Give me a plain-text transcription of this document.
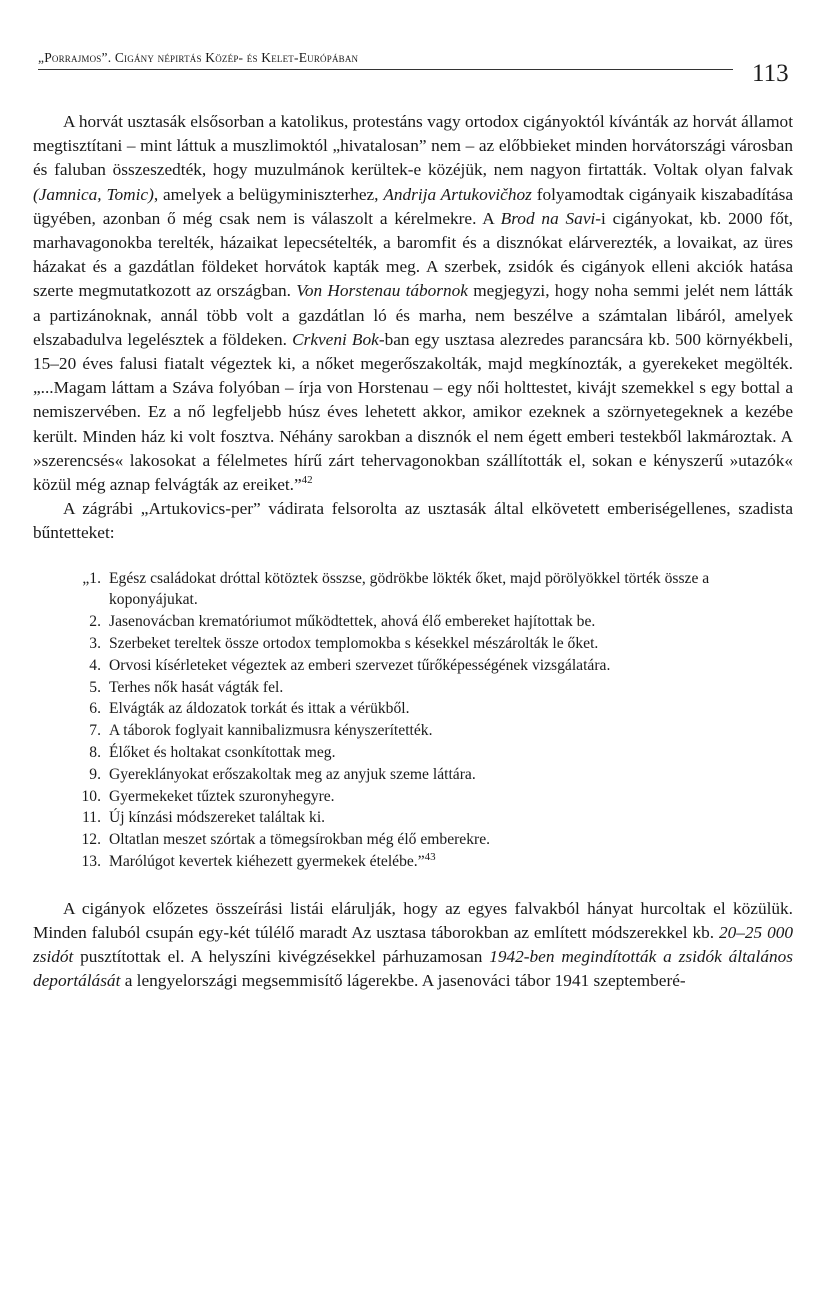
„Porrajmos”. Cigány népirtás Közép- és Kelet-Európában
113

A horvát usztasák elsősorban a katolikus, protestáns vagy ortodox cigányoktól kívánták az horvát államot megtisztítani – mint láttuk a muszlimoktól „hivatalosan” nem – az előbbieket minden horvátországi városban és faluban összeszedték, hogy muzulmánok kerültek-e közéjük, nem nagyon firtatták. Voltak olyan falvak (Jamnica, Tomic), amelyek a belügyminiszterhez, Andrija Artukovičhoz folyamodtak cigányaik kiszabadítása ügyében, azonban ő még csak nem is válaszolt a kérelmekre. A Brod na Savi-i cigányokat, kb. 2000 főt, marhavagonokba terelték, házaikat lepecsételték, a baromfit és a disznókat elárverezték, a lovaikat, az üres házakat és a gazdátlan földeket horvátok kapták meg. A szerbek, zsidók és cigányok elleni akciók hatása szerte megmutatkozott az országban. Von Horstenau tábornok megjegyzi, hogy noha semmi jelét nem látták a partizánoknak, annál több volt a gazdátlan ló és marha, nem beszélve a számtalan libáról, amelyek elszabadulva legelésztek a földeken. Crkveni Bok-ban egy usztasa alezredes parancsára kb. 500 környékbeli, 15–20 éves falusi fiatalt végeztek ki, a nőket megerőszakolták, majd megkínozták, a gyerekeket megölték. „...Magam láttam a Száva folyóban – írja von Horstenau – egy női holttestet, kivájt szemekkel s egy bottal a nemiszervében. Ez a nő legfeljebb húsz éves lehetett akkor, amikor ezeknek a szörnyetegeknek a kezébe került. Minden ház ki volt fosztva. Néhány sarokban a disznók el nem égett emberi testekből lakmároztak. A »szerencsés« lakosokat a félelmetes hírű zárt tehervagonokban szállították el, sokan e kényszerű »utazók« közül még aznap felvágták az ereiket.”$^{42}$

A zágrábi „Artukovics-per” vádirata felsorolta az usztasák által elkövetett emberiségellenes, szadista bűntetteket:

„1. Egész családokat dróttal kötöztek összse, gödrökbe lökték őket, majd pörölyökkel törték össze a koponyájukat.
2. Jasenovácban krematóriumot működtettek, ahová élő embereket hajítottak be.
3. Szerbeket tereltek össze ortodox templomokba s késekkel mészárolták le őket.
4. Orvosi kísérleteket végeztek az emberi szervezet tűrőképességének vizsgálatára.
5. Terhes nők hasát vágták fel.
6. Elvágták az áldozatok torkát és ittak a vérükből.
7. A táborok foglyait kannibalizmusra kényszerítették.
8. Élőket és holtakat csonkítottak meg.
9. Gyereklányokat erőszakoltak meg az anyjuk szeme láttára.
10. Gyermekeket tűztek szuronyhegyre.
11. Új kínzási módszereket találtak ki.
12. Oltatlan meszet szórtak a tömegsírokban még élő emberekre.
13. Marólúgot kevertek kiéhezett gyermekek ételébe.”$^{43}$

A cigányok előzetes összeírási listái elárulják, hogy az egyes falvakból hányat hurcoltak el közülük. Minden faluból csupán egy-két túlélő maradt Az usztasa táborokban az említett módszerekkel kb. 20–25 000 zsidót pusztítottak el. A helyszíni kivégzésekkel párhuzamosan 1942-ben megindították a zsidók általános deportálását a lengyelországi megsemmisítő lágerekbe. A jasenováci tábor 1941 szeptemberé-
